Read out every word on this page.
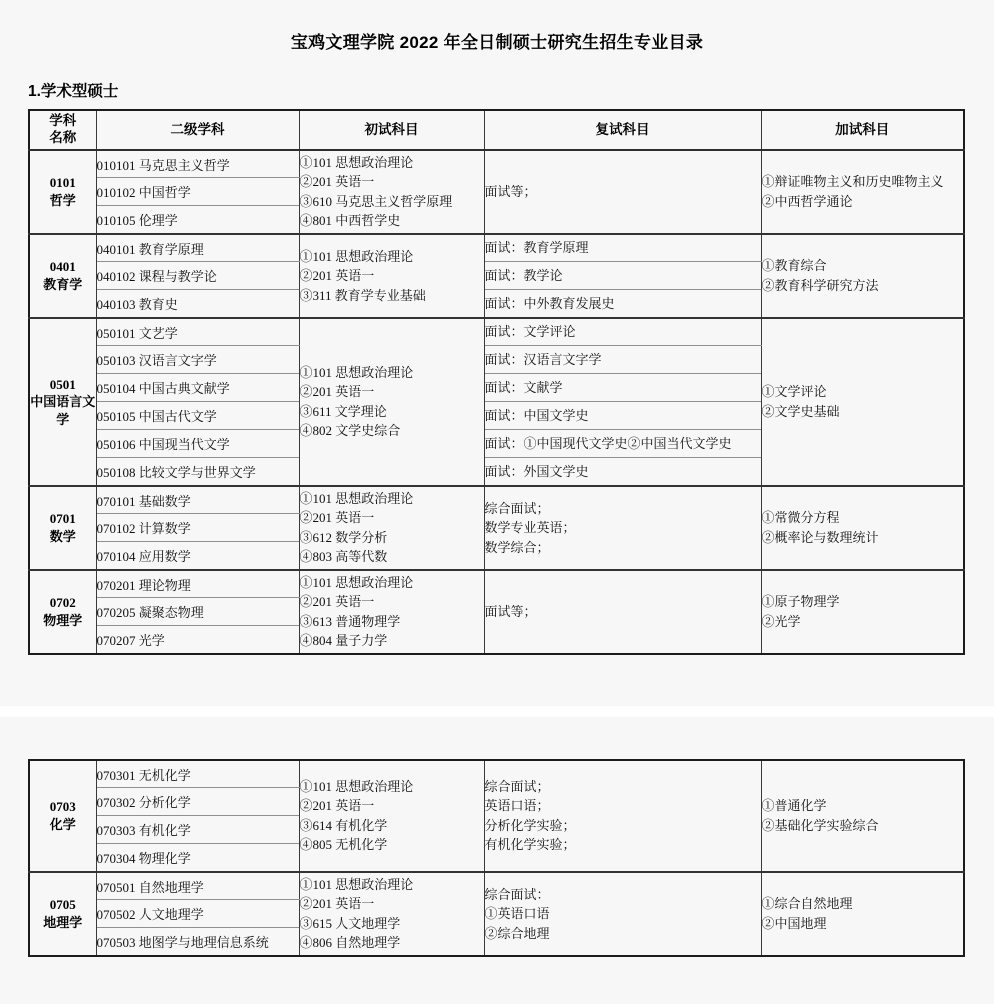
宝鸡文理学院 2022 年全日制硕士研究生招生专业目录
1.学术型硕士
学科
名称	二级学科	初试科目	复试科目	加试科目

0101
哲学	010101 马克思主义哲学	①101 思想政治理论
②201 英语一
③610 马克思主义哲学原理
④801 中西哲学史	面试等；	①辩证唯物主义和历史唯物主义
②中西哲学通论

	010102 中国哲学			
	010105 伦理学			

0401
教育学	040101 教育学原理	①101 思想政治理论
②201 英语一
③311 教育学专业基础	面试：教育学原理	①教育综合
②教育科学研究方法

	040102 课程与教学论		面试：教学论	
	040103 教育史		面试：中外教育发展史	

0501
中国语言文学	050101 文艺学	①101 思想政治理论
②201 英语一
③611 文学理论
④802 文学史综合	面试：文学评论	①文学评论
②文学史基础

	050103 汉语言文字学		面试：汉语言文字学	
	050104 中国古典文献学		面试：文献学	
	050105 中国古代文学		面试：中国文学史	
	050106 中国现当代文学		面试：①中国现代文学史②中国当代文学史	
	050108 比较文学与世界文学		面试：外国文学史	

0701
数学	070101 基础数学	①101 思想政治理论
②201 英语一
③612 数学分析
④803 高等代数	综合面试；
数学专业英语；
数学综合；	①常微分方程
②概率论与数理统计

	070102 计算数学			
	070104 应用数学			

0702
物理学	070201 理论物理	①101 思想政治理论
②201 英语一
③613 普通物理学
④804 量子力学	面试等；	①原子物理学
②光学

	070205 凝聚态物理			
	070207 光学			
0703
化学	070301 无机化学	①101 思想政治理论
②201 英语一
③614 有机化学
④805 无机化学	综合面试；
英语口语；
分析化学实验；
有机化学实验；	①普通化学
②基础化学实验综合

	070302 分析化学			
	070303 有机化学			
	070304 物理化学			

0705
地理学	070501 自然地理学	①101 思想政治理论
②201 英语一
③615 人文地理学
④806 自然地理学	综合面试：
①英语口语
②综合地理	①综合自然地理
②中国地理

	070502 人文地理学			
	070503 地图学与地理信息系统			
